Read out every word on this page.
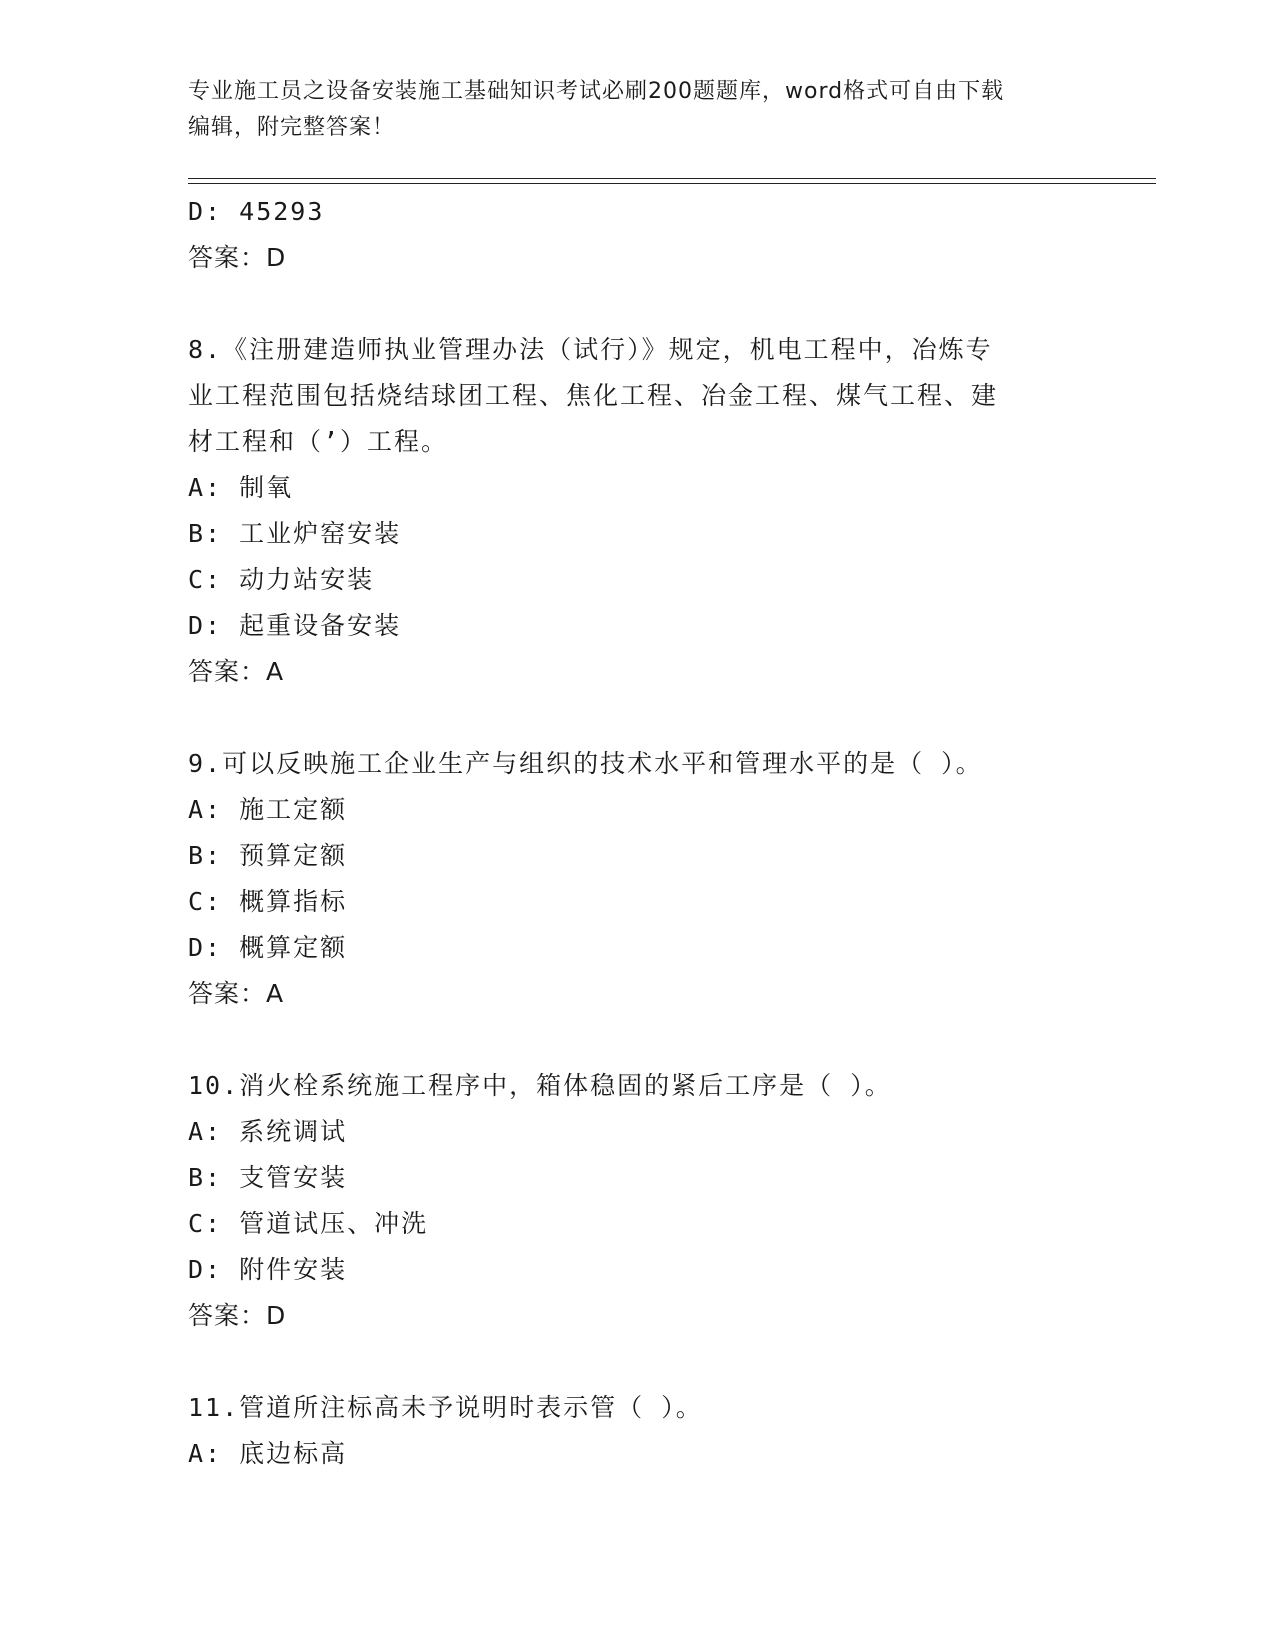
专业施工员之设备安装施工基础知识考试必刷200题题库，word格式可自由下载
编辑，附完整答案！
D: 45293
答案：D
8.《注册建造师执业管理办法（试行）》规定，机电工程中，冶炼专
业工程范围包括烧结球团工程、焦化工程、冶金工程、煤气工程、建
材工程和（’）工程。
A: 制氧
B: 工业炉窑安装
C: 动力站安装
D: 起重设备安装
答案：A
9.可以反映施工企业生产与组织的技术水平和管理水平的是（ ）。
A: 施工定额
B: 预算定额
C: 概算指标
D: 概算定额
答案：A
10.消火栓系统施工程序中，箱体稳固的紧后工序是（ ）。
A: 系统调试
B: 支管安装
C: 管道试压、冲洗
D: 附件安装
答案：D
11.管道所注标高未予说明时表示管（ ）。
A: 底边标高
